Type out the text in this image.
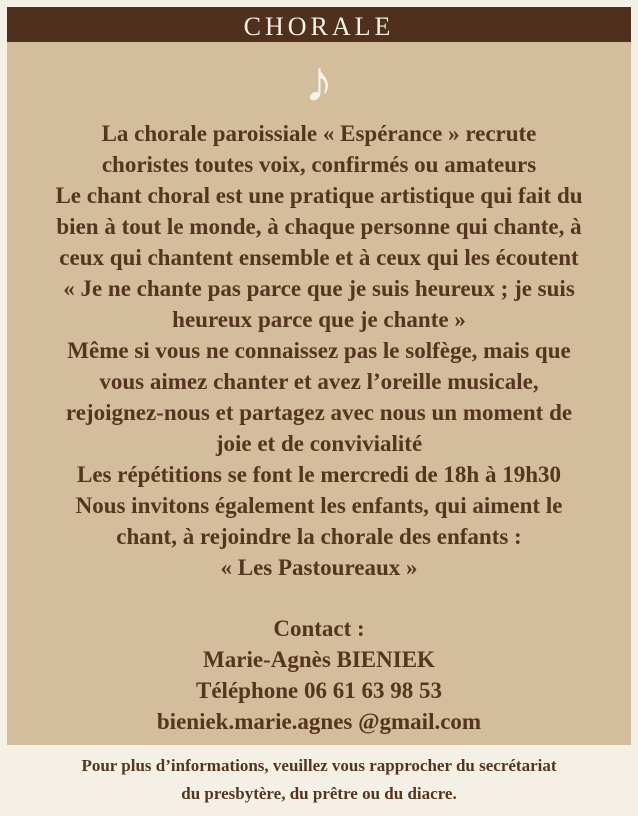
CHORALE
♪
La chorale paroissiale « Espérance » recrute
choristes toutes voix, confirmés ou amateurs
Le chant choral est une pratique artistique qui fait du
bien à tout le monde, à chaque personne qui chante, à
ceux qui chantent ensemble et à ceux qui les écoutent
« Je ne chante pas parce que je suis heureux ; je suis
heureux parce que je chante »
Même si vous ne connaissez pas le solfège, mais que
vous aimez chanter et avez l’oreille musicale,
rejoignez-nous et partagez avec nous un moment de
joie et de convivialité
Les répétitions se font le mercredi de 18h à 19h30
Nous invitons également les enfants, qui aiment le
chant, à rejoindre la chorale des enfants :
« Les Pastoureaux »
Contact :
Marie-Agnès BIENIEK
Téléphone 06 61 63 98 53
bieniek.marie.agnes @gmail.com
Pour plus d’informations, veuillez vous rapprocher du secrétariat
du presbytère, du prêtre ou du diacre.
